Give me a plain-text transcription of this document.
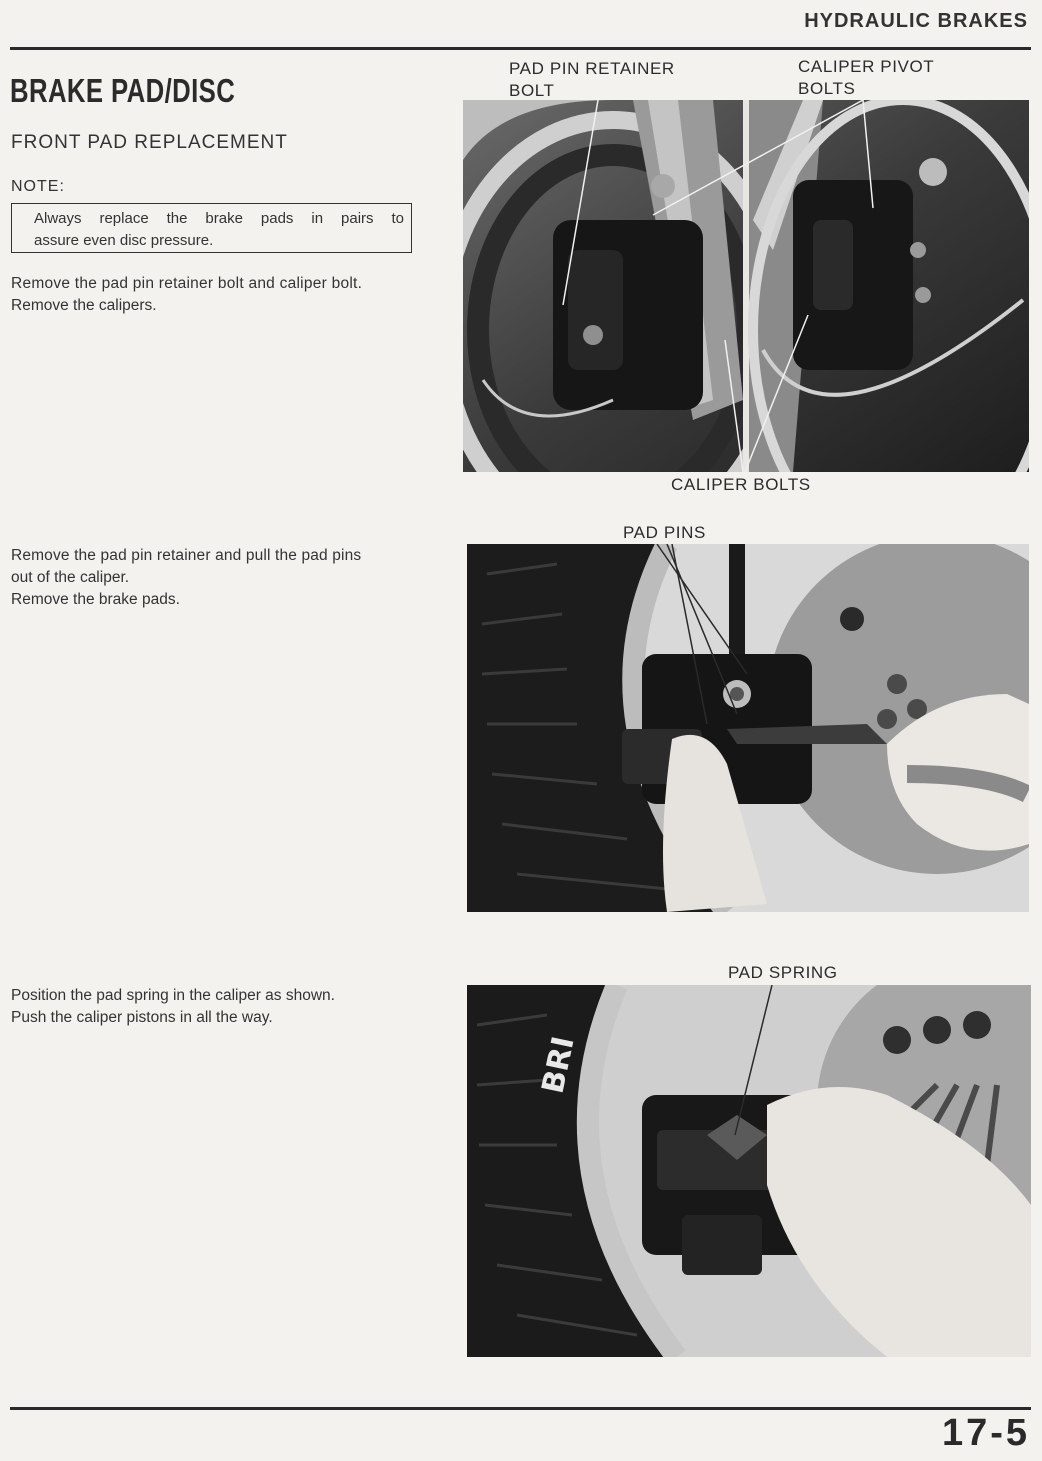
HYDRAULIC BRAKES
BRAKE PAD/DISC
FRONT PAD REPLACEMENT
NOTE:
Always replace the brake pads in pairs to
assure even disc pressure.
Remove the pad pin retainer bolt and caliper bolt.
Remove the calipers.
Remove the pad pin retainer and pull the pad pins
out of the caliper.
Remove the brake pads.
Position the pad spring in the caliper as shown.
Push the caliper pistons in all the way.
PAD PIN RETAINER
BOLT
CALIPER PIVOT
BOLTS
CALIPER BOLTS
PAD PINS
PAD SPRING
BRI
17-5
